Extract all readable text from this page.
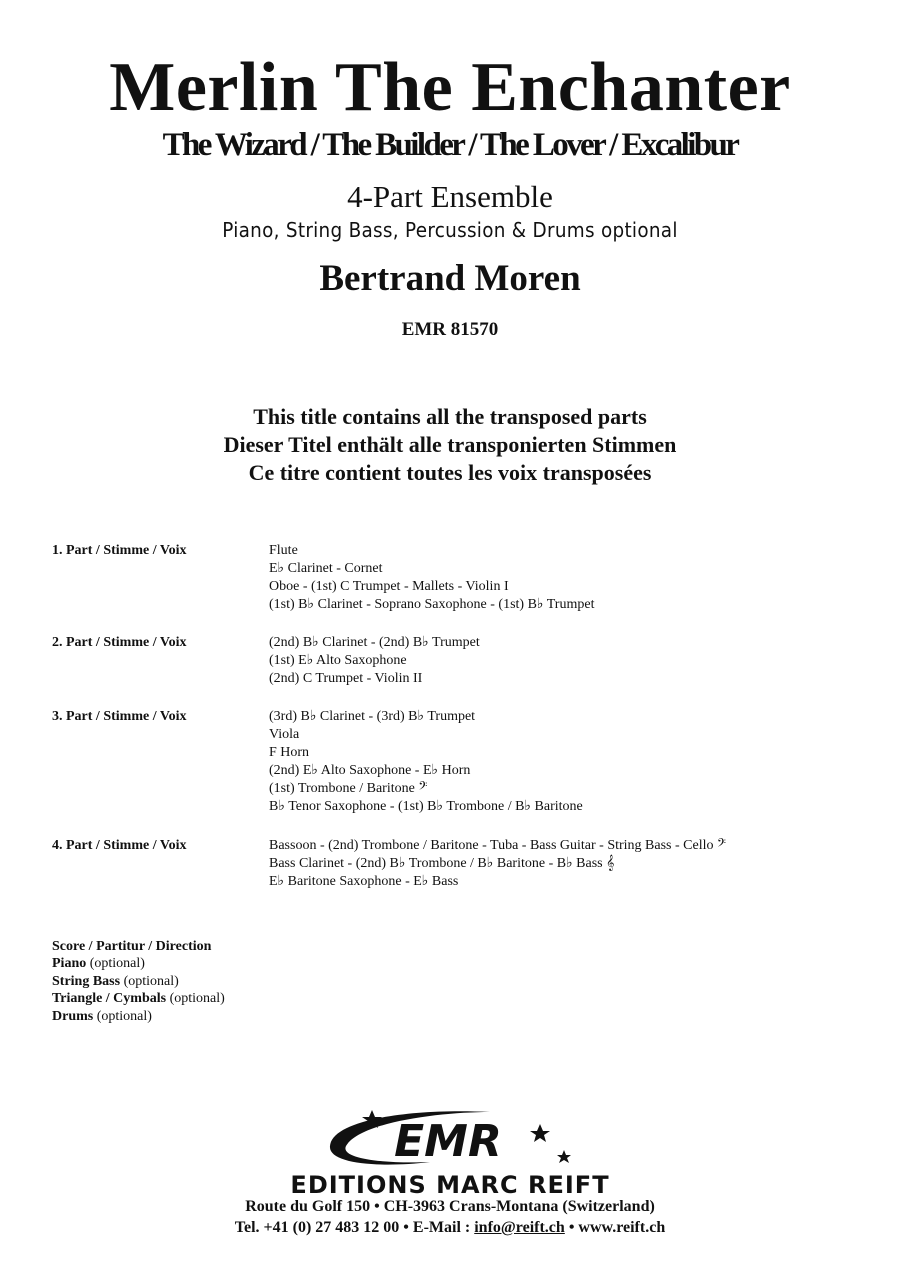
Merlin The Enchanter
The Wizard / The Builder / The Lover / Excalibur
4-Part Ensemble
Piano, String Bass, Percussion & Drums optional
Bertrand Moren
EMR 81570
This title contains all the transposed parts
Dieser Titel enthält alle transponierten Stimmen
Ce titre contient toutes les voix transposées
1. Part / Stimme / Voix	Flute
E♭ Clarinet - Cornet
Oboe - (1st) C Trumpet - Mallets - Violin I
(1st) B♭ Clarinet - Soprano Saxophone - (1st) B♭ Trumpet
2. Part / Stimme / Voix	(2nd) B♭ Clarinet - (2nd) B♭ Trumpet
(1st) E♭ Alto Saxophone
(2nd) C Trumpet - Violin II
3. Part / Stimme / Voix	(3rd) B♭ Clarinet - (3rd) B♭ Trumpet
Viola
F Horn
(2nd) E♭ Alto Saxophone - E♭ Horn
(1st) Trombone / Baritone 𝄢
B♭ Tenor Saxophone - (1st) B♭ Trombone / B♭ Baritone
4. Part / Stimme / Voix	Bassoon - (2nd) Trombone / Baritone - Tuba - Bass Guitar - String Bass - Cello 𝄢
Bass Clarinet - (2nd) B♭ Trombone / B♭ Baritone - B♭ Bass 𝄞
E♭ Baritone Saxophone - E♭ Bass
Score / Partitur / Direction
Piano (optional)
String Bass (optional)
Triangle / Cymbals (optional)
Drums (optional)
EMR
EDITIONS MARC REIFT
Route du Golf 150 • CH-3963 Crans-Montana (Switzerland)
Tel. +41 (0) 27 483 12 00 • E-Mail : info@reift.ch • www.reift.ch
